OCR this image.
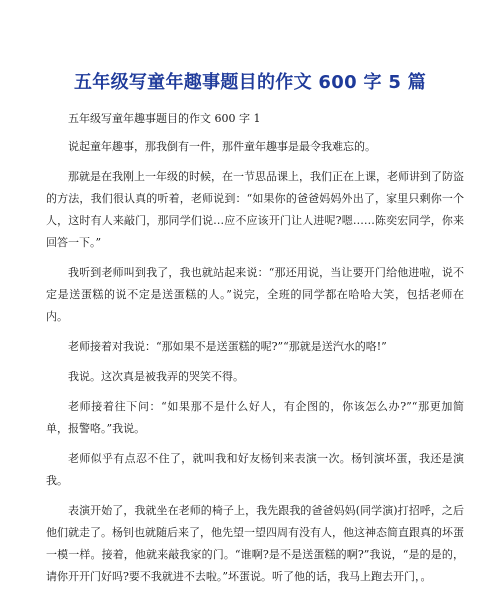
五年级写童年趣事题目的作文 600 字 5 篇

五年级写童年趣事题目的作文 600 字 1

说起童年趣事，那我倒有一件，那件童年趣事是最令我难忘的。

那就是在我刚上一年级的时候，在一节思品课上，我们正在上课，老师讲到了防盗的方法，我们很认真的听着，老师说到：“如果你的爸爸妈妈外出了，家里只剩你一个人，这时有人来敲门，那同学们说…应不应该开门让人进呢?嗯……陈奕宏同学，你来回答一下。”

我听到老师叫到我了，我也就站起来说：“那还用说，当让要开门给他进啦，说不定是送蛋糕的说不定是送蛋糕的人。”说完，全班的同学都在哈哈大笑，包括老师在内。

老师接着对我说：“那如果不是送蛋糕的呢?”“那就是送汽水的咯!”

我说。这次真是被我弄的哭笑不得。

老师接着往下问：“如果那不是什么好人，有企图的，你该怎么办?”“那更加简单，报警咯。”我说。

老师似乎有点忍不住了，就叫我和好友杨钊来表演一次。杨钊演坏蛋，我还是演我。

表演开始了，我就坐在老师的椅子上，我先跟我的爸爸妈妈(同学演)打招呼，之后他们就走了。杨钊也就随后来了，他先望一望四周有没有人，他这神态简直跟真的坏蛋一模一样。接着，他就来敲我家的门。“谁啊?是不是送蛋糕的啊?”我说，“是的是的，请你开开门好吗?要不我就进不去啦。”坏蛋说。听了他的话，我马上跑去开门，。
